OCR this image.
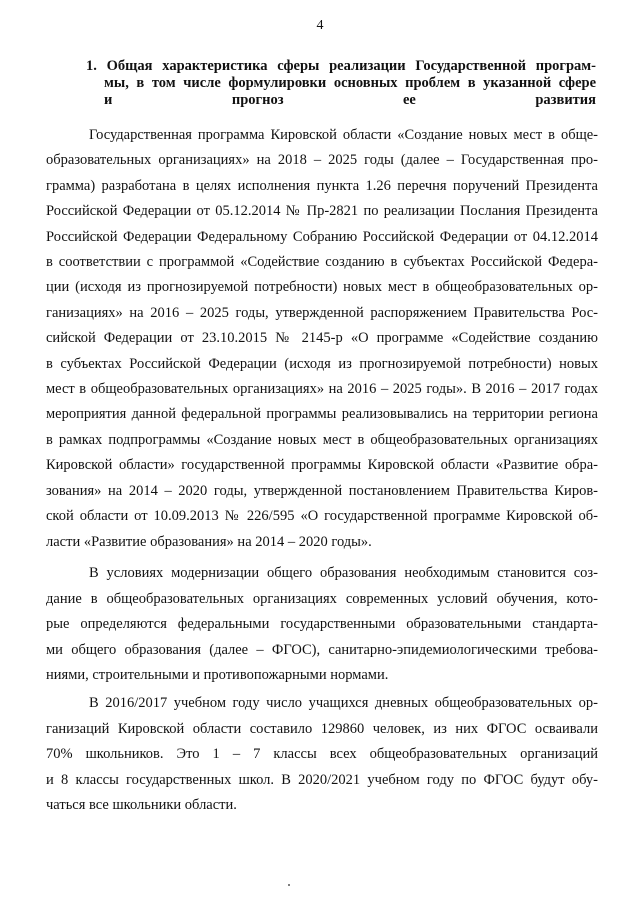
4
1. Общая характеристика сферы реализации Государственной програм-
мы, в том числе формулировки основных проблем в указанной сфере
и прогноз ее развития
Государственная программа Кировской области «Создание новых мест в обще-
образовательных организациях» на 2018 – 2025 годы (далее – Государственная про-
грамма) разработана в целях исполнения пункта 1.26 перечня поручений Президента
Российской Федерации от 05.12.2014 № Пр-2821 по реализации Послания Президента
Российской Федерации Федеральному Собранию Российской Федерации от 04.12.2014
в соответствии с программой «Содействие созданию в субъектах Российской Федера-
ции (исходя из прогнозируемой потребности) новых мест в общеобразовательных ор-
ганизациях» на 2016 – 2025 годы, утвержденной распоряжением Правительства Рос-
сийской Федерации от 23.10.2015 № 2145-р «О программе «Содействие созданию
в субъектах Российской Федерации (исходя из прогнозируемой потребности) новых
мест в общеобразовательных организациях» на 2016 – 2025 годы». В 2016 – 2017 годах
мероприятия данной федеральной программы реализовывались на территории региона
в рамках подпрограммы «Создание новых мест в общеобразовательных организациях
Кировской области» государственной программы Кировской области «Развитие обра-
зования» на 2014 – 2020 годы, утвержденной постановлением Правительства Киров-
ской области от 10.09.2013 № 226/595 «О государственной программе Кировской об-
ласти «Развитие образования» на 2014 – 2020 годы».
В условиях модернизации общего образования необходимым становится соз-
дание в общеобразовательных организациях современных условий обучения, кото-
рые определяются федеральными государственными образовательными стандарта-
ми общего образования (далее – ФГОС), санитарно-эпидемиологическими требова-
ниями, строительными и противопожарными нормами.
В 2016/2017 учебном году число учащихся дневных общеобразовательных ор-
ганизаций Кировской области составило 129860 человек, из них ФГОС осваивали
70% школьников. Это 1 – 7 классы всех общеобразовательных организаций
и 8 классы государственных школ. В 2020/2021 учебном году по ФГОС будут обу-
чаться все школьники области.
